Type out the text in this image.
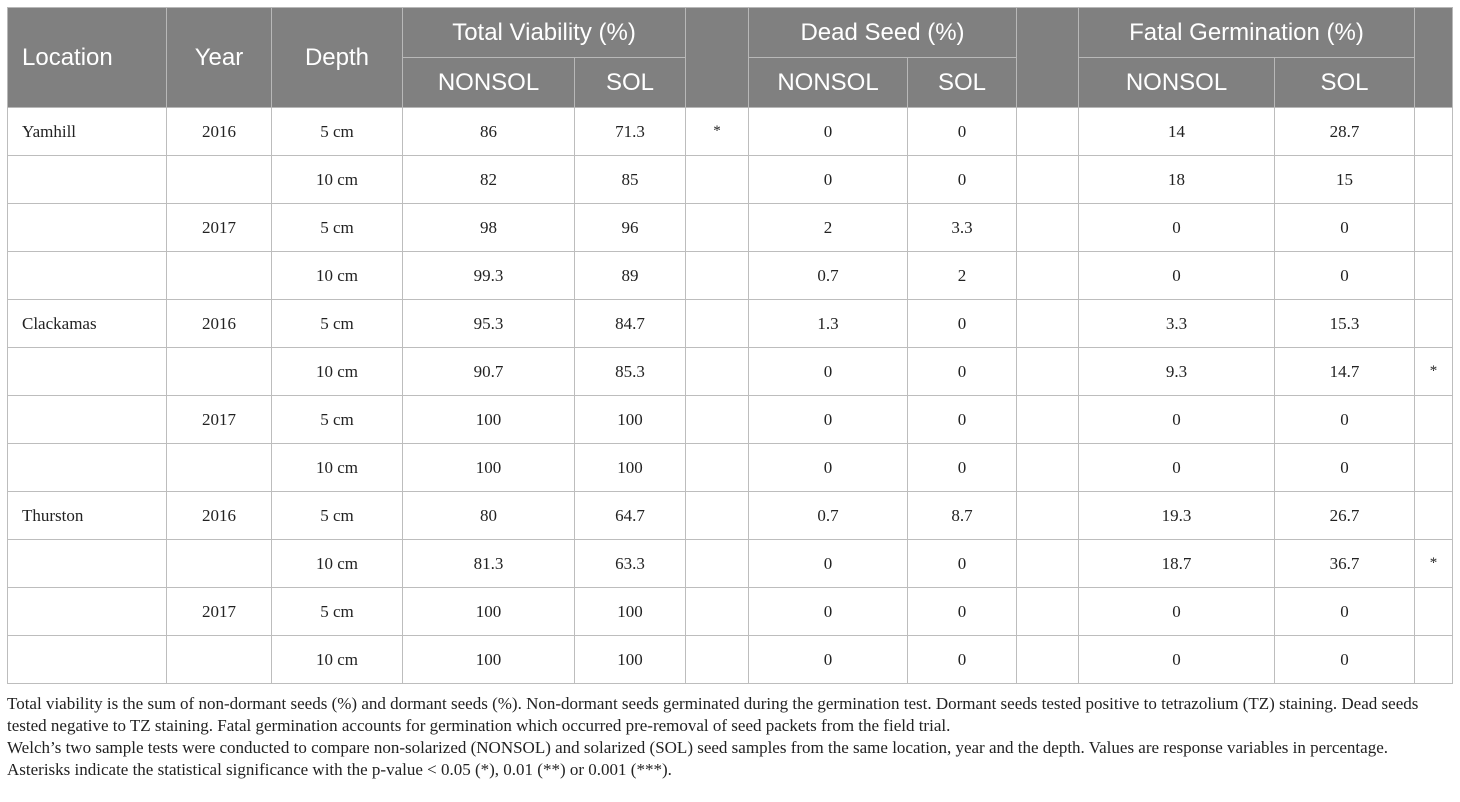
Location	Year	Depth	Total Viability (%)			Dead Seed (%)			Fatal Germination (%)		
			NONSOL	SOL		NONSOL	SOL		NONSOL	SOL	
Yamhill	2016	5 cm	86	71.3	*	0	0		14	28.7	
		10 cm	82	85		0	0		18	15	
	2017	5 cm	98	96		2	3.3		0	0	
		10 cm	99.3	89		0.7	2		0	0	
Clackamas	2016	5 cm	95.3	84.7		1.3	0		3.3	15.3	
		10 cm	90.7	85.3		0	0		9.3	14.7	*
	2017	5 cm	100	100		0	0		0	0	
		10 cm	100	100		0	0		0	0	
Thurston	2016	5 cm	80	64.7		0.7	8.7		19.3	26.7	
		10 cm	81.3	63.3		0	0		18.7	36.7	*
	2017	5 cm	100	100		0	0		0	0	
		10 cm	100	100		0	0		0	0	

Total viability is the sum of non-dormant seeds (%) and dormant seeds (%). Non-dormant seeds germinated during the germination test. Dormant seeds tested positive to tetrazolium (TZ) staining. Dead seeds tested negative to TZ staining. Fatal germination accounts for germination which occurred pre-removal of seed packets from the field trial.

Welch’s two sample tests were conducted to compare non-solarized (NONSOL) and solarized (SOL) seed samples from the same location, year and the depth. Values are response variables in percentage. Asterisks indicate the statistical significance with the p-value < 0.05 (*), 0.01 (**) or 0.001 (***).
